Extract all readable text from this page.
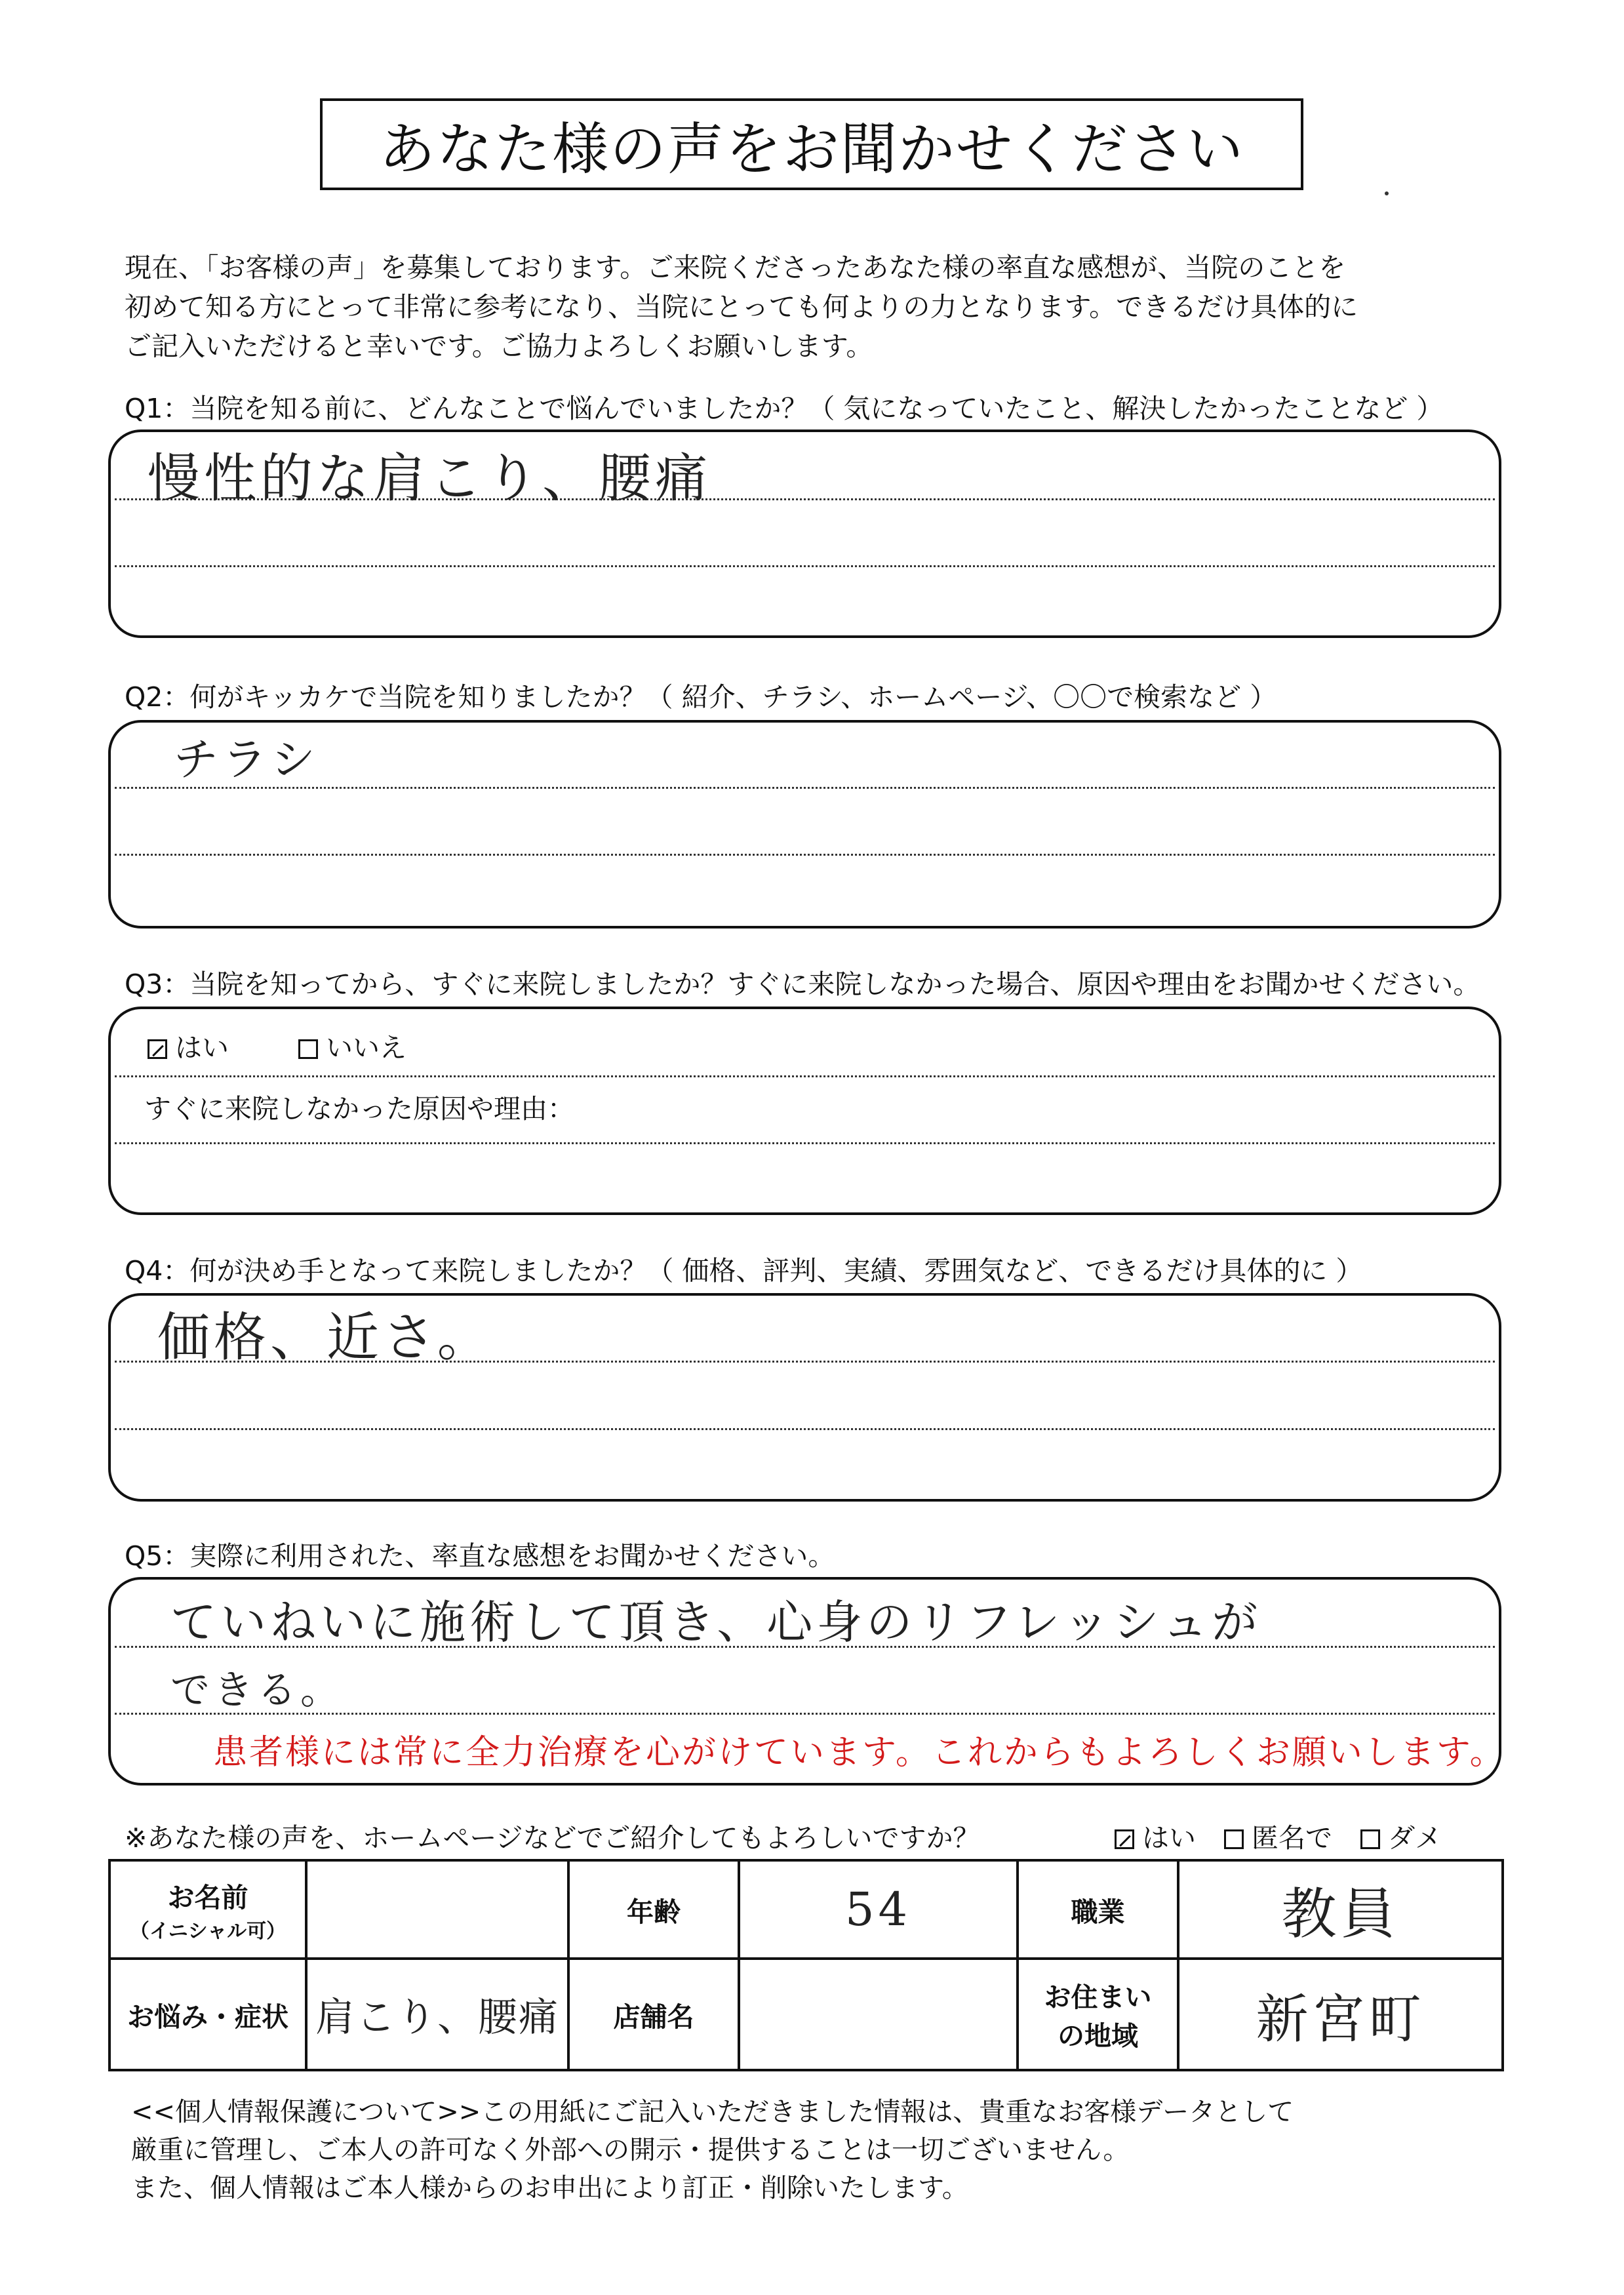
あなた様の声をお聞かせください
現在、「お客様の声」を募集しております。ご来院くださったあなた様の率直な感想が、当院のことを
初めて知る方にとって非常に参考になり、当院にとっても何よりの力となります。できるだけ具体的に
ご記入いただけると幸いです。ご協力よろしくお願いします。
Q1：当院を知る前に、どんなことで悩んでいましたか？（ 気になっていたこと、解決したかったことなど ）
慢性的な肩こり、腰痛
Q2：何がキッカケで当院を知りましたか？（ 紹介、チラシ、ホームページ、〇〇で検索など ）
チラシ
Q3：当院を知ってから、すぐに来院しましたか？すぐに来院しなかった場合、原因や理由をお聞かせください。
はい	いいえ
すぐに来院しなかった原因や理由：
Q4：何が決め手となって来院しましたか？（ 価格、評判、実績、雰囲気など、できるだけ具体的に ）
価格、近さ。
Q5：実際に利用された、率直な感想をお聞かせください。
ていねいに施術して頂き、心身のリフレッシュが
できる。
患者様には常に全力治療を心がけています。これからもよろしくお願いします。
※あなた様の声を、ホームページなどでご紹介してもよろしいですか？	はい 匿名で ダメ
お名前
（イニシャル可）		年齢	54	職業	教員
お悩み・症状	肩こり、腰痛	店舗名		お住まい
の地域	新宮町
<<個人情報保護について>>この用紙にご記入いただきました情報は、貴重なお客様データとして
厳重に管理し、ご本人の許可なく外部への開示・提供することは一切ございません。
また、個人情報はご本人様からのお申出により訂正・削除いたします。
